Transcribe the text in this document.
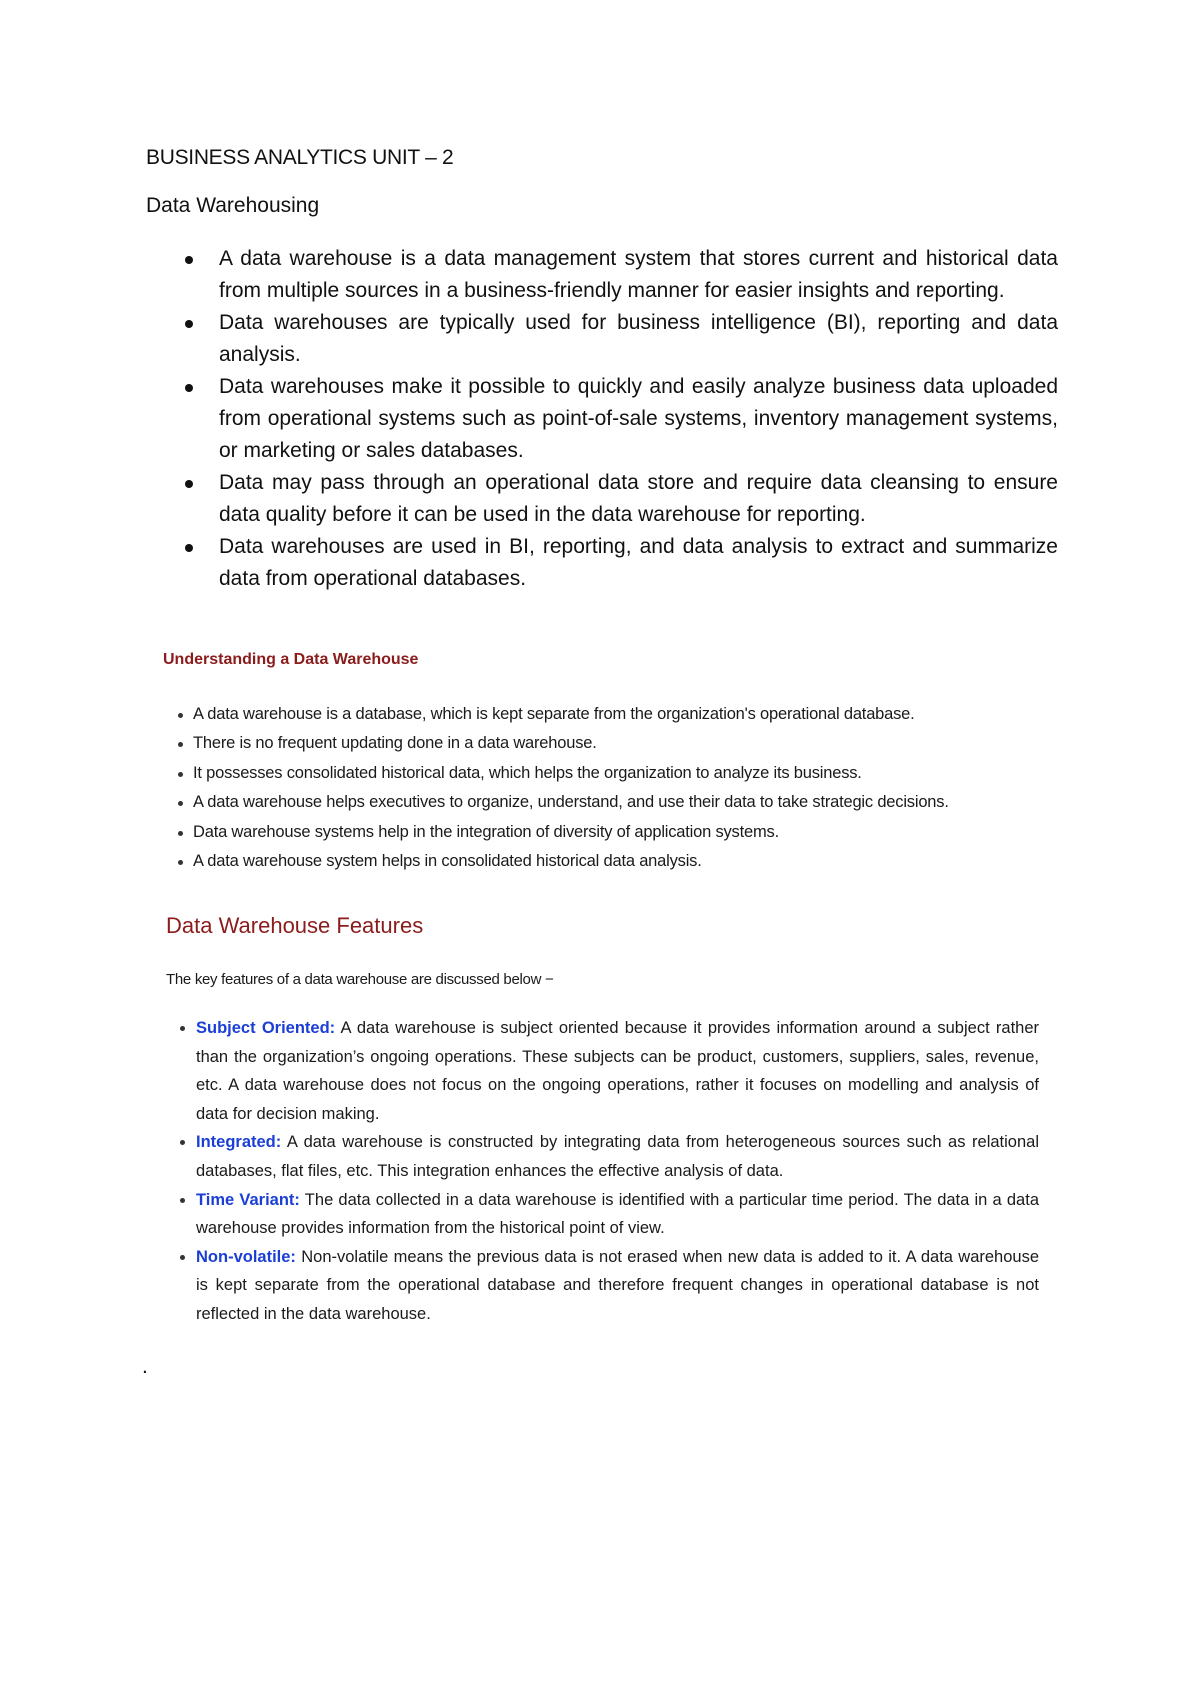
BUSINESS ANALYTICS UNIT – 2
Data Warehousing
A data warehouse is a data management system that stores current and historical data from multiple sources in a business-friendly manner for easier insights and reporting.
Data warehouses are typically used for business intelligence (BI), reporting and data analysis.
Data warehouses make it possible to quickly and easily analyze business data uploaded from operational systems such as point-of-sale systems, inventory management systems, or marketing or sales databases.
Data may pass through an operational data store and require data cleansing to ensure data quality before it can be used in the data warehouse for reporting.
Data warehouses are used in BI, reporting, and data analysis to extract and summarize data from operational databases.
Understanding a Data Warehouse
A data warehouse is a database, which is kept separate from the organization's operational database.
There is no frequent updating done in a data warehouse.
It possesses consolidated historical data, which helps the organization to analyze its business.
A data warehouse helps executives to organize, understand, and use their data to take strategic decisions.
Data warehouse systems help in the integration of diversity of application systems.
A data warehouse system helps in consolidated historical data analysis.
Data Warehouse Features
The key features of a data warehouse are discussed below −
Subject Oriented: A data warehouse is subject oriented because it provides information around a subject rather than the organization’s ongoing operations. These subjects can be product, customers, suppliers, sales, revenue, etc. A data warehouse does not focus on the ongoing operations, rather it focuses on modelling and analysis of data for decision making.
Integrated: A data warehouse is constructed by integrating data from heterogeneous sources such as relational databases, flat files, etc. This integration enhances the effective analysis of data.
Time Variant: The data collected in a data warehouse is identified with a particular time period. The data in a data warehouse provides information from the historical point of view.
Non-volatile: Non-volatile means the previous data is not erased when new data is added to it. A data warehouse is kept separate from the operational database and therefore frequent changes in operational database is not reflected in the data warehouse.
.
